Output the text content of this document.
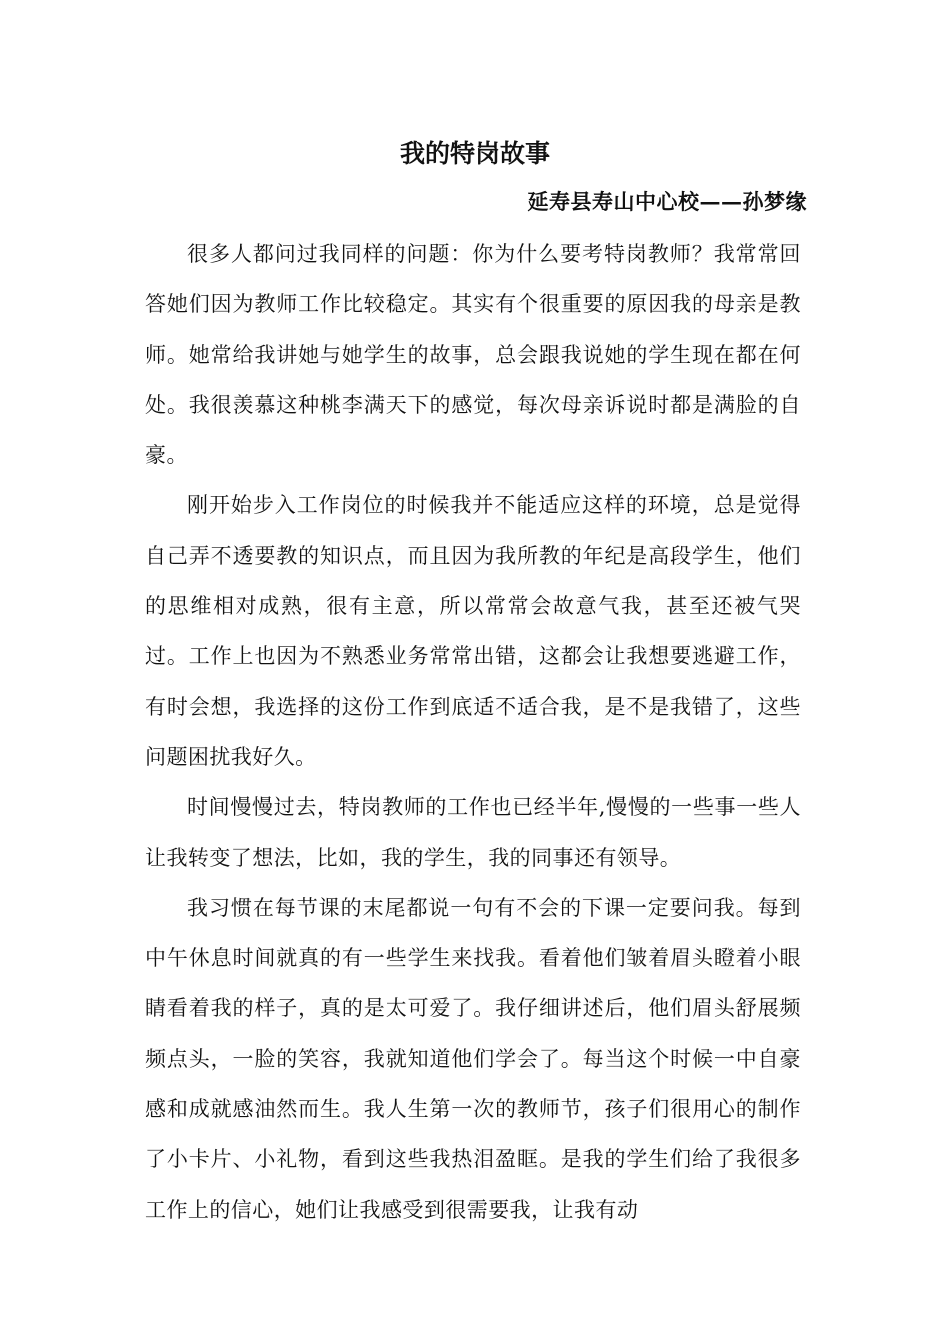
我的特岗故事
延寿县寿山中心校——孙梦缘

很多人都问过我同样的问题：你为什么要考特岗教师？我常常回答她们因为教师工作比较稳定。其实有个很重要的原因我的母亲是教师。她常给我讲她与她学生的故事，总会跟我说她的学生现在都在何处。我很羡慕这种桃李满天下的感觉，每次母亲诉说时都是满脸的自豪。

刚开始步入工作岗位的时候我并不能适应这样的环境，总是觉得自己弄不透要教的知识点，而且因为我所教的年纪是高段学生，他们的思维相对成熟，很有主意，所以常常会故意气我，甚至还被气哭过。工作上也因为不熟悉业务常常出错，这都会让我想要逃避工作，有时会想，我选择的这份工作到底适不适合我，是不是我错了，这些问题困扰我好久。

时间慢慢过去，特岗教师的工作也已经半年,慢慢的一些事一些人让我转变了想法，比如，我的学生，我的同事还有领导。

我习惯在每节课的末尾都说一句有不会的下课一定要问我。每到中午休息时间就真的有一些学生来找我。看着他们皱着眉头瞪着小眼睛看着我的样子，真的是太可爱了。我仔细讲述后，他们眉头舒展频频点头，一脸的笑容，我就知道他们学会了。每当这个时候一中自豪感和成就感油然而生。我人生第一次的教师节，孩子们很用心的制作了小卡片、小礼物，看到这些我热泪盈眶。是我的学生们给了我很多工作上的信心，她们让我感受到很需要我，让我有动
